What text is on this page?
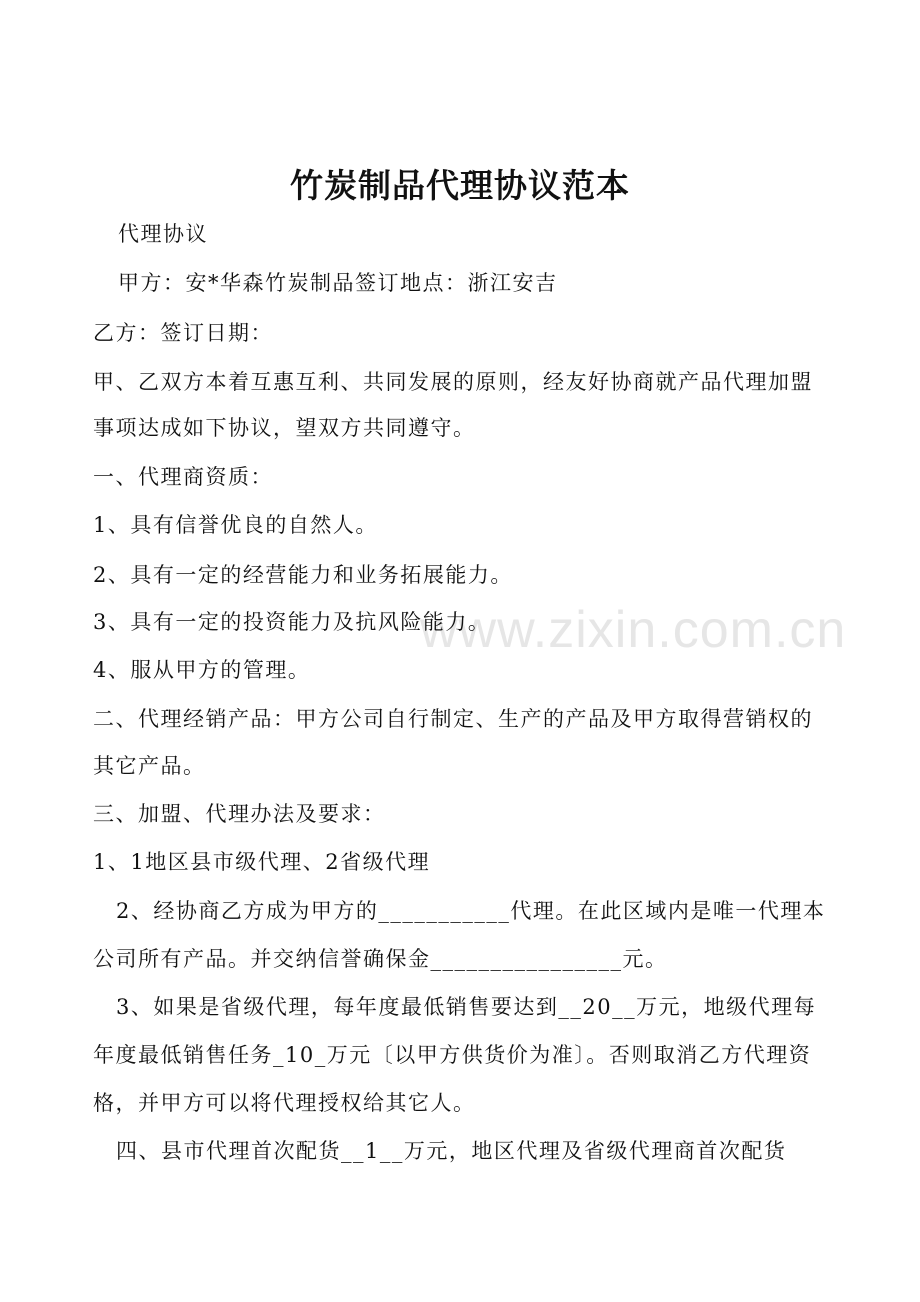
www.zixin.com.cn
竹炭制品代理协议范本

代理协议

甲方：安*华森竹炭制品签订地点：浙江安吉

乙方：签订日期：

甲、乙双方本着互惠互利、共同发展的原则，经友好协商就产品代理加盟

事项达成如下协议，望双方共同遵守。

一、代理商资质：

1、具有信誉优良的自然人。

2、具有一定的经营能力和业务拓展能力。

3、具有一定的投资能力及抗风险能力。

4、服从甲方的管理。

二、代理经销产品：甲方公司自行制定、生产的产品及甲方取得营销权的

其它产品。

三、加盟、代理办法及要求：

1、1地区县市级代理、2省级代理

2、经协商乙方成为甲方的___________代理。在此区域内是唯一代理本

公司所有产品。并交纳信誉确保金________________元。

3、如果是省级代理，每年度最低销售要达到__20__万元，地级代理每

年度最低销售任务_10_万元〔以甲方供货价为准〕。否则取消乙方代理资

格，并甲方可以将代理授权给其它人。

四、县市代理首次配货__1__万元，地区代理及省级代理商首次配货
